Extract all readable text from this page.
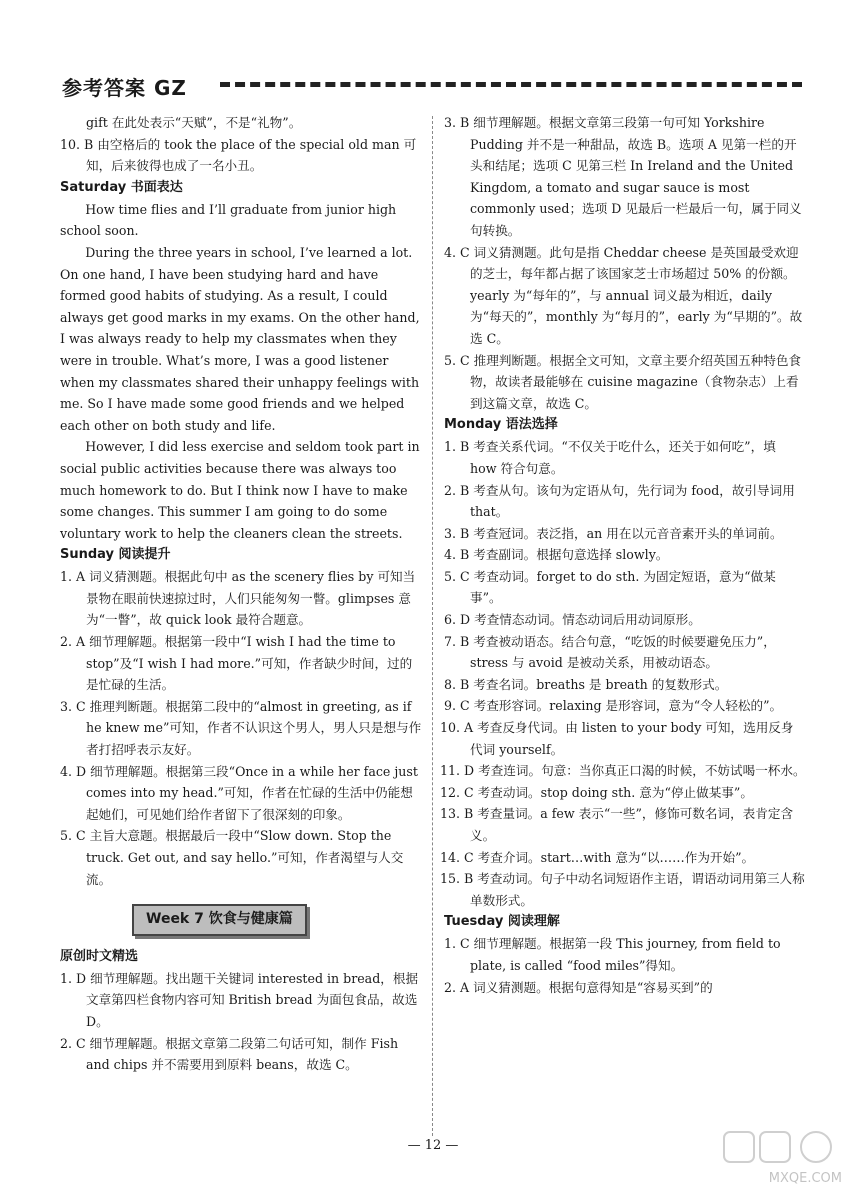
参考答案 GZ

gift 在此处表示“天赋”，不是“礼物”。

10. B 由空格后的 took the place of the special old man 可知，后来彼得也成了一名小丑。

Saturday 书面表达

How time flies and I’ll graduate from junior high school soon.

During the three years in school, I’ve learned a lot. On one hand, I have been studying hard and have formed good habits of studying. As a result, I could always get good marks in my exams. On the other hand, I was always ready to help my classmates when they were in trouble. What’s more, I was a good listener when my classmates shared their unhappy feelings with me. So I have made some good friends and we helped each other on both study and life.

However, I did less exercise and seldom took part in social public activities because there was always too much homework to do. But I think now I have to make some changes. This summer I am going to do some voluntary work to help the cleaners clean the streets.

Sunday 阅读提升

1. A 词义猜测题。根据此句中 as the scenery flies by 可知当景物在眼前快速掠过时，人们只能匆匆一瞥。glimpses 意为“一瞥”，故 quick look 最符合题意。

2. A 细节理解题。根据第一段中“I wish I had the time to stop”及“I wish I had more.”可知，作者缺少时间，过的是忙碌的生活。

3. C 推理判断题。根据第二段中的“almost in greeting, as if he knew me”可知，作者不认识这个男人，男人只是想与作者打招呼表示友好。

4. D 细节理解题。根据第三段“Once in a while her face just comes into my head.”可知，作者在忙碌的生活中仍能想起她们，可见她们给作者留下了很深刻的印象。

5. C 主旨大意题。根据最后一段中“Slow down. Stop the truck. Get out, and say hello.”可知，作者渴望与人交流。

Week 7 饮食与健康篇

原创时文精选

1. D 细节理解题。找出题干关键词 interested in bread，根据文章第四栏食物内容可知 British bread 为面包食品，故选 D。

2. C 细节理解题。根据文章第二段第二句话可知，制作 Fish and chips 并不需要用到原料 beans，故选 C。

3. B 细节理解题。根据文章第三段第一句可知 Yorkshire Pudding 并不是一种甜品，故选 B。选项 A 见第一栏的开头和结尾；选项 C 见第三栏 In Ireland and the United Kingdom, a tomato and sugar sauce is most commonly used；选项 D 见最后一栏最后一句，属于同义句转换。

4. C 词义猜测题。此句是指 Cheddar cheese 是英国最受欢迎的芝士，每年都占据了该国家芝士市场超过 50% 的份额。yearly 为“每年的”，与 annual 词义最为相近，daily 为“每天的”，monthly 为“每月的”，early 为“早期的”。故选 C。

5. C 推理判断题。根据全文可知，文章主要介绍英国五种特色食物，故读者最能够在 cuisine magazine（食物杂志）上看到这篇文章，故选 C。

Monday 语法选择

1. B 考查关系代词。“不仅关于吃什么，还关于如何吃”，填 how 符合句意。

2. B 考查从句。该句为定语从句，先行词为 food，故引导词用 that。

3. B 考查冠词。表泛指，an 用在以元音音素开头的单词前。

4. B 考查副词。根据句意选择 slowly。

5. C 考查动词。forget to do sth. 为固定短语，意为“做某事”。

6. D 考查情态动词。情态动词后用动词原形。

7. B 考查被动语态。结合句意，“吃饭的时候要避免压力”，stress 与 avoid 是被动关系，用被动语态。

8. B 考查名词。breaths 是 breath 的复数形式。

9. C 考查形容词。relaxing 是形容词，意为“令人轻松的”。

10. A 考查反身代词。由 listen to your body 可知，选用反身代词 yourself。

11. D 考查连词。句意：当你真正口渴的时候，不妨试喝一杯水。

12. C 考查动词。stop doing sth. 意为“停止做某事”。

13. B 考查量词。a few 表示“一些”，修饰可数名词，表肯定含义。

14. C 考查介词。start…with 意为“以……作为开始”。

15. B 考查动词。句子中动名词短语作主语，谓语动词用第三人称单数形式。

Tuesday 阅读理解

1. C 细节理解题。根据第一段 This journey, from field to plate, is called “food miles”得知。

2. A 词义猜测题。根据句意得知是“容易买到”的

— 12 —
MXQE.COM
